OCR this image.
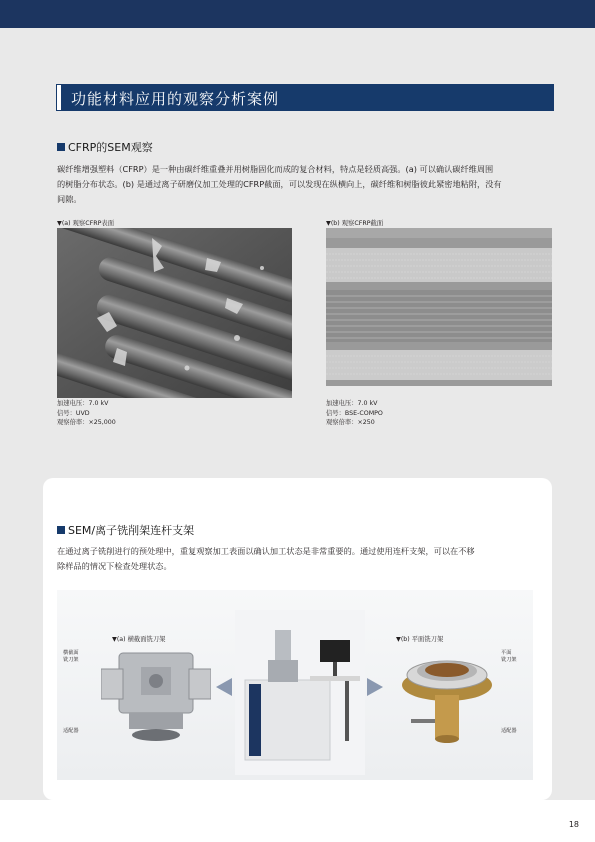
功能材料应用的观察分析案例
CFRP的SEM观察
碳纤维增强塑料（CFRP）是一种由碳纤维重叠并用树脂固化而成的复合材料，特点是轻质高强。(a) 可以确认碳纤维周围
的树脂分布状态。(b) 是通过离子研磨仪加工处理的CFRP截面，可以发现在纵横向上，碳纤维和树脂彼此紧密地粘附，没有
间隙。
▼(a) 观察CFRP表面	▼(b) 观察CFRP截面
加速电压：7.0 kV
信号：UVD
观察倍率：×25,000
加速电压：7.0 kV
信号：BSE-COMPO
观察倍率：×250
SEM/离子铣削架连杆支架
在通过离子铣削进行的预处理中，重复观察加工表面以确认加工状态是非常重要的。通过使用连杆支架，可以在不移
除样品的情况下检查处理状态。
▼(a) 横截面铣刀架
横截面
铣刀架
适配器
▼(b) 平面铣刀架
平面
铣刀架
适配器
18
